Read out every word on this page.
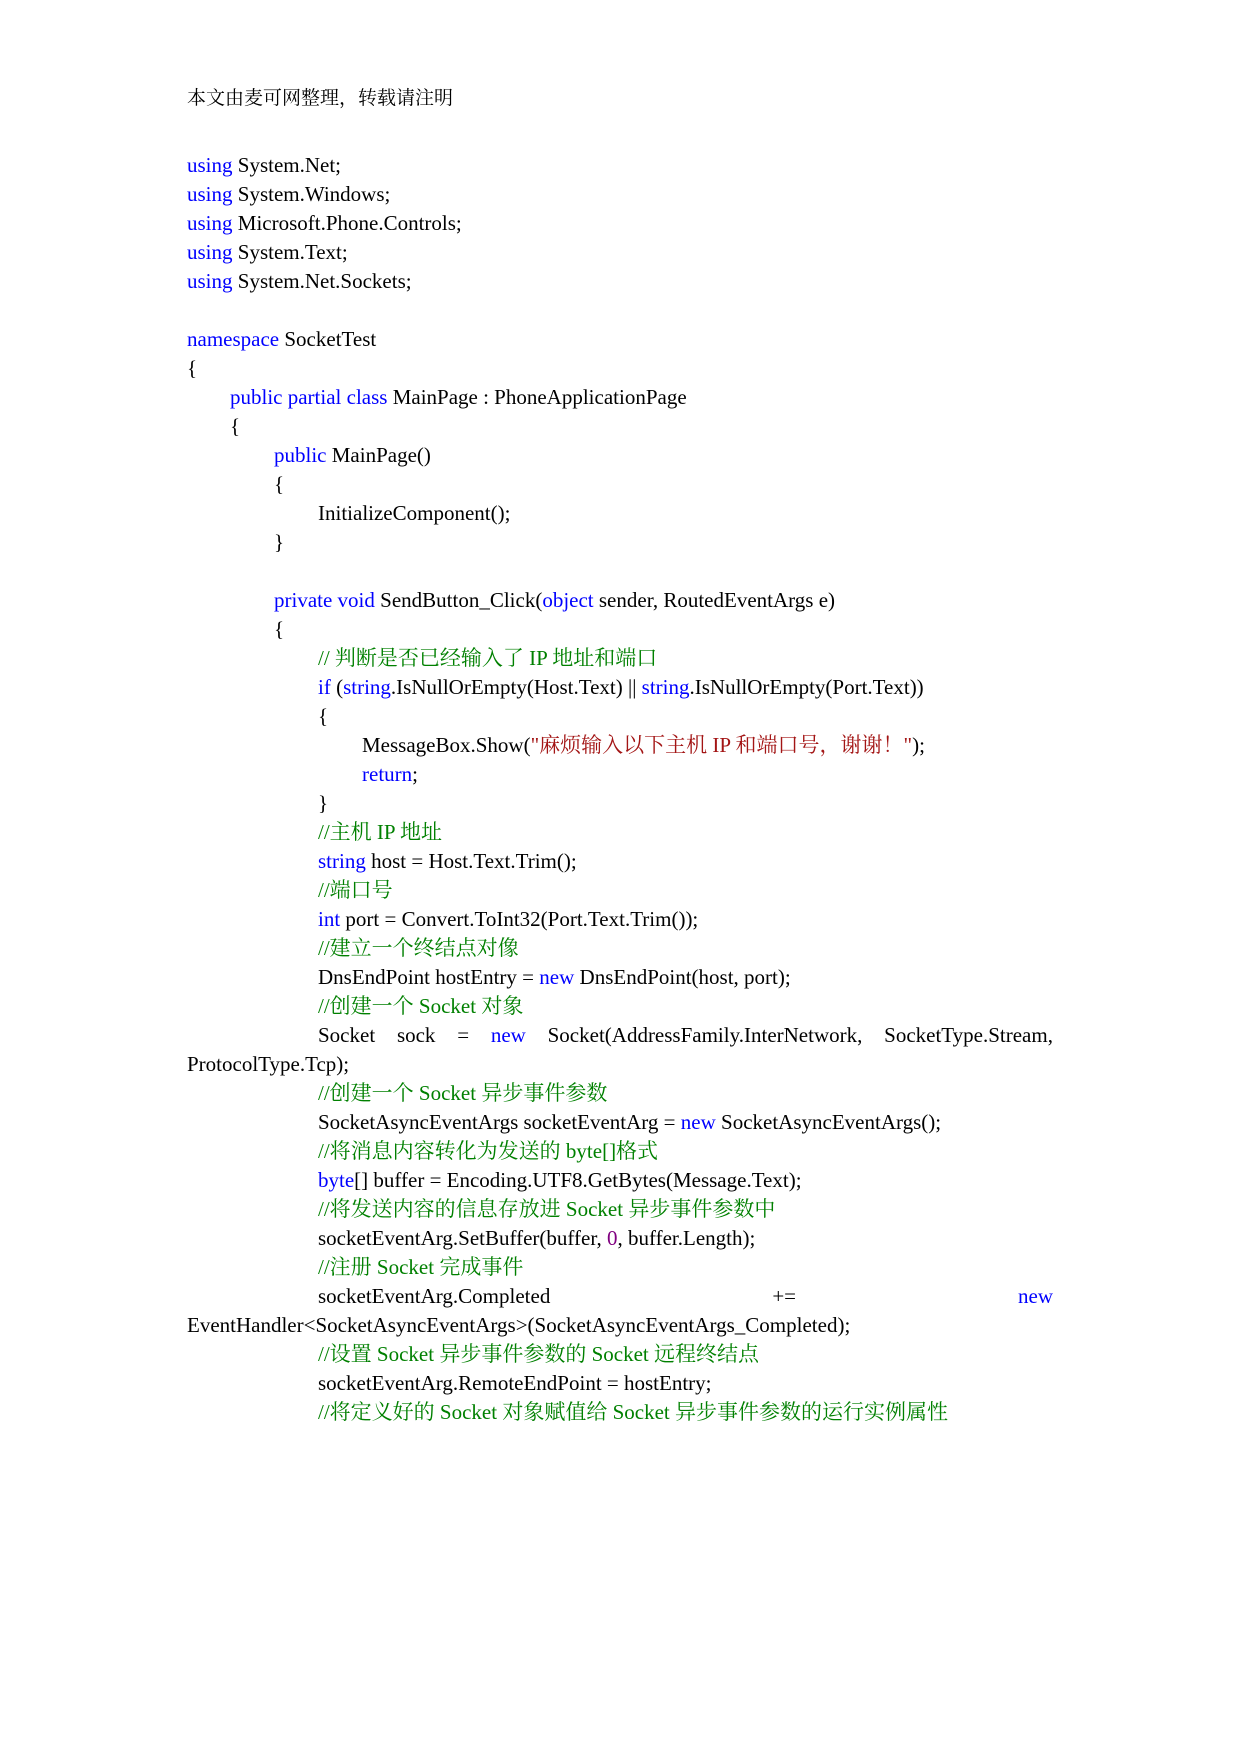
本文由麦可网整理，转载请注明
using System.Net;
using System.Windows;
using Microsoft.Phone.Controls;
using System.Text;
using System.Net.Sockets;
namespace SocketTest
{
public partial class MainPage : PhoneApplicationPage
{
public MainPage()
{
InitializeComponent();
}
private void SendButton_Click(object sender, RoutedEventArgs e)
{
// 判断是否已经输入了 IP 地址和端口
if (string.IsNullOrEmpty(Host.Text) || string.IsNullOrEmpty(Port.Text))
{
MessageBox.Show("麻烦输入以下主机 IP 和端口号，谢谢！");
return;
}
//主机 IP 地址
string host = Host.Text.Trim();
//端口号
int port = Convert.ToInt32(Port.Text.Trim());
//建立一个终结点对像
DnsEndPoint hostEntry = new DnsEndPoint(host, port);
//创建一个 Socket 对象
Socket sock = new Socket(AddressFamily.InterNetwork, SocketType.Stream,
ProtocolType.Tcp);
//创建一个 Socket 异步事件参数
SocketAsyncEventArgs socketEventArg = new SocketAsyncEventArgs();
//将消息内容转化为发送的 byte[]格式
byte[] buffer = Encoding.UTF8.GetBytes(Message.Text);
//将发送内容的信息存放进 Socket 异步事件参数中
socketEventArg.SetBuffer(buffer, 0, buffer.Length);
//注册 Socket 完成事件
socketEventArg.Completed	+=	new
EventHandler<SocketAsyncEventArgs>(SocketAsyncEventArgs_Completed);
//设置 Socket 异步事件参数的 Socket 远程终结点
socketEventArg.RemoteEndPoint = hostEntry;
//将定义好的 Socket 对象赋值给 Socket 异步事件参数的运行实例属性
